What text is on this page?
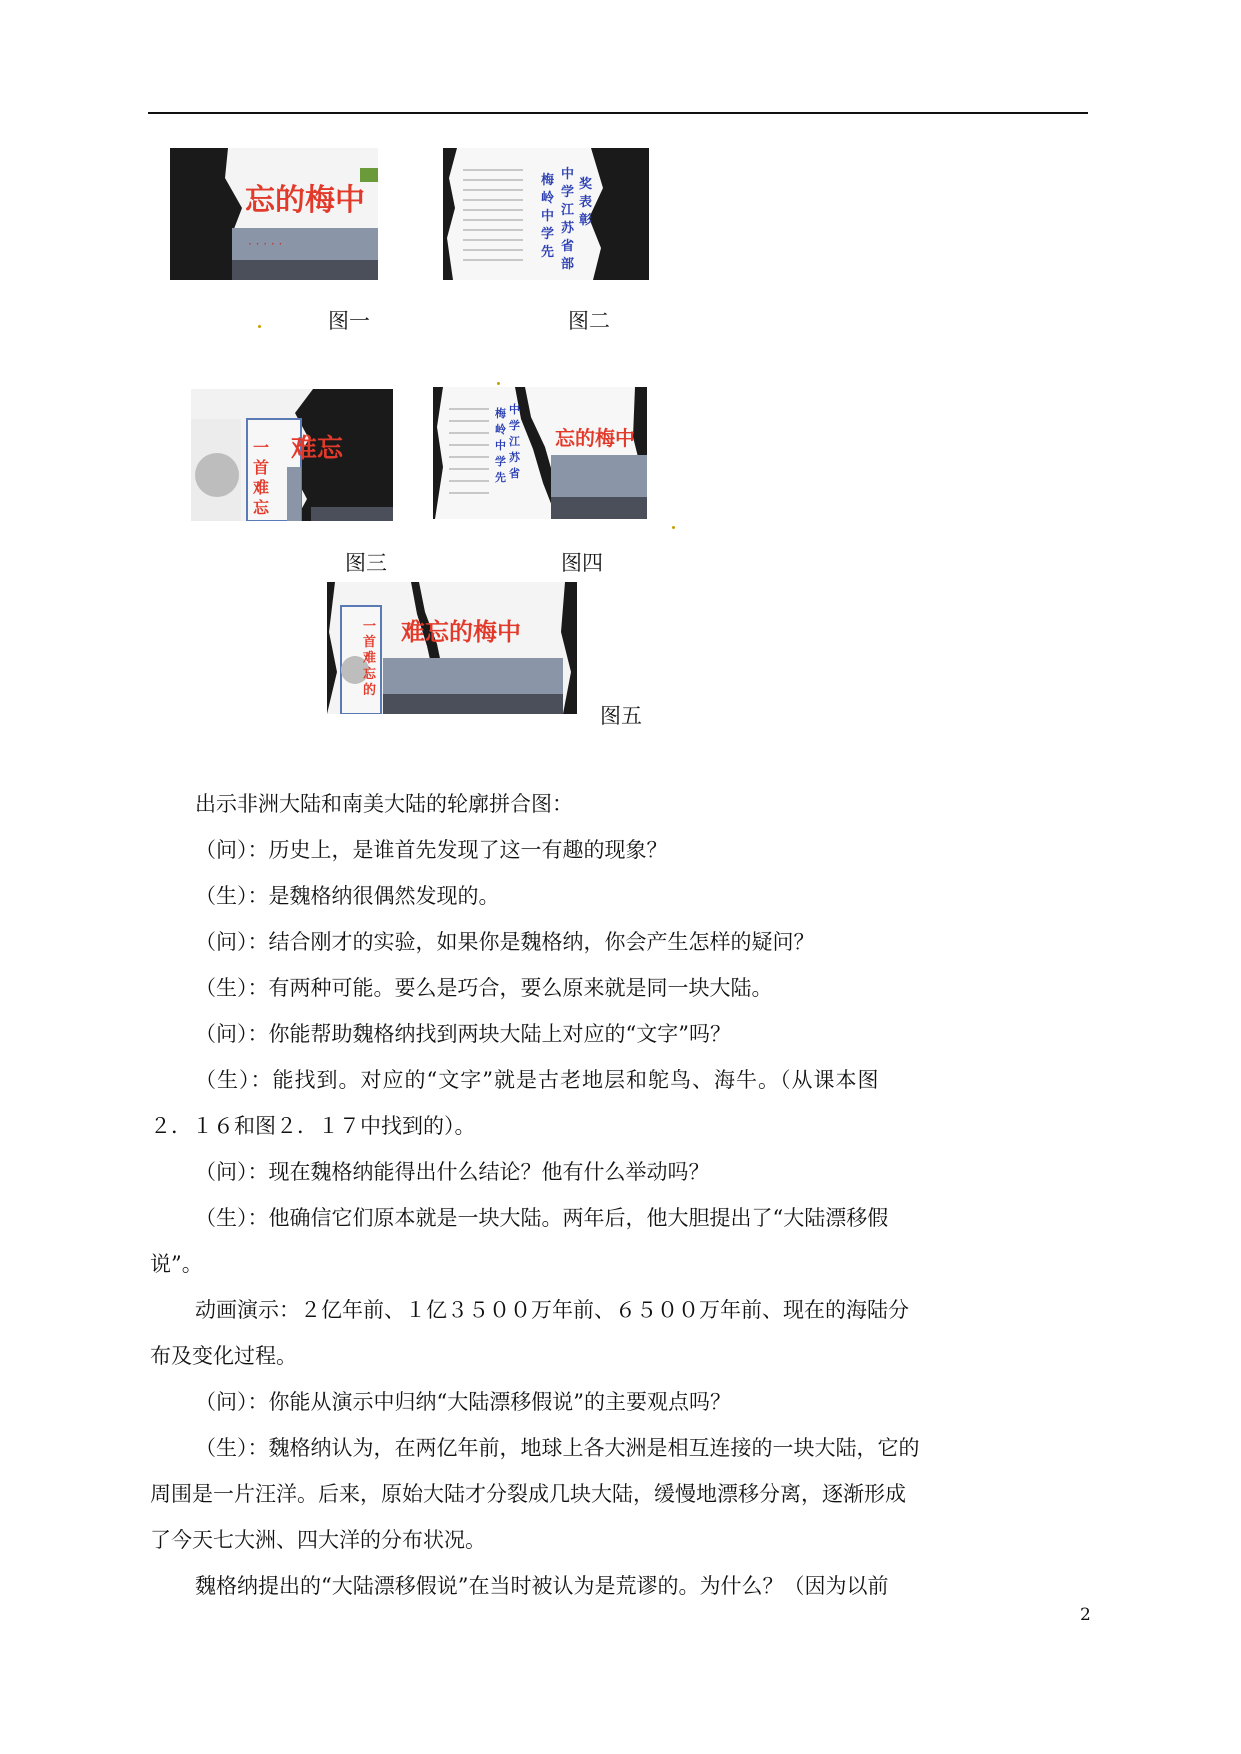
忘的梅中
· · · · ·
梅
岭
中
学
先
中
学
江
苏
省
部
奖
表
彰
图一	图二
难忘
一
首
难
忘
梅
岭
中
学
先
中
学
江
苏
省
忘的梅中
图三	图四
难忘的梅中
一
首
难
忘
的
图五
出示非洲大陆和南美大陆的轮廓拼合图：
（问）：历史上，是谁首先发现了这一有趣的现象？
（生）：是魏格纳很偶然发现的。
（问）：结合刚才的实验，如果你是魏格纳，你会产生怎样的疑问？
（生）：有两种可能。要么是巧合，要么原来就是同一块大陆。
（问）：你能帮助魏格纳找到两块大陆上对应的“文字”吗？
（生）：能找到。对应的“文字”就是古老地层和鸵鸟、海牛。（从课本图
２．１６和图２．１７中找到的）。
（问）：现在魏格纳能得出什么结论？他有什么举动吗？
（生）：他确信它们原本就是一块大陆。两年后，他大胆提出了“大陆漂移假
说”。
动画演示：２亿年前、１亿３５００万年前、６５００万年前、现在的海陆分
布及变化过程。
（问）：你能从演示中归纳“大陆漂移假说”的主要观点吗？
（生）：魏格纳认为，在两亿年前，地球上各大洲是相互连接的一块大陆，它的
周围是一片汪洋。后来，原始大陆才分裂成几块大陆，缓慢地漂移分离，逐渐形成
了今天七大洲、四大洋的分布状况。
魏格纳提出的“大陆漂移假说”在当时被认为是荒谬的。为什么？（因为以前
2
